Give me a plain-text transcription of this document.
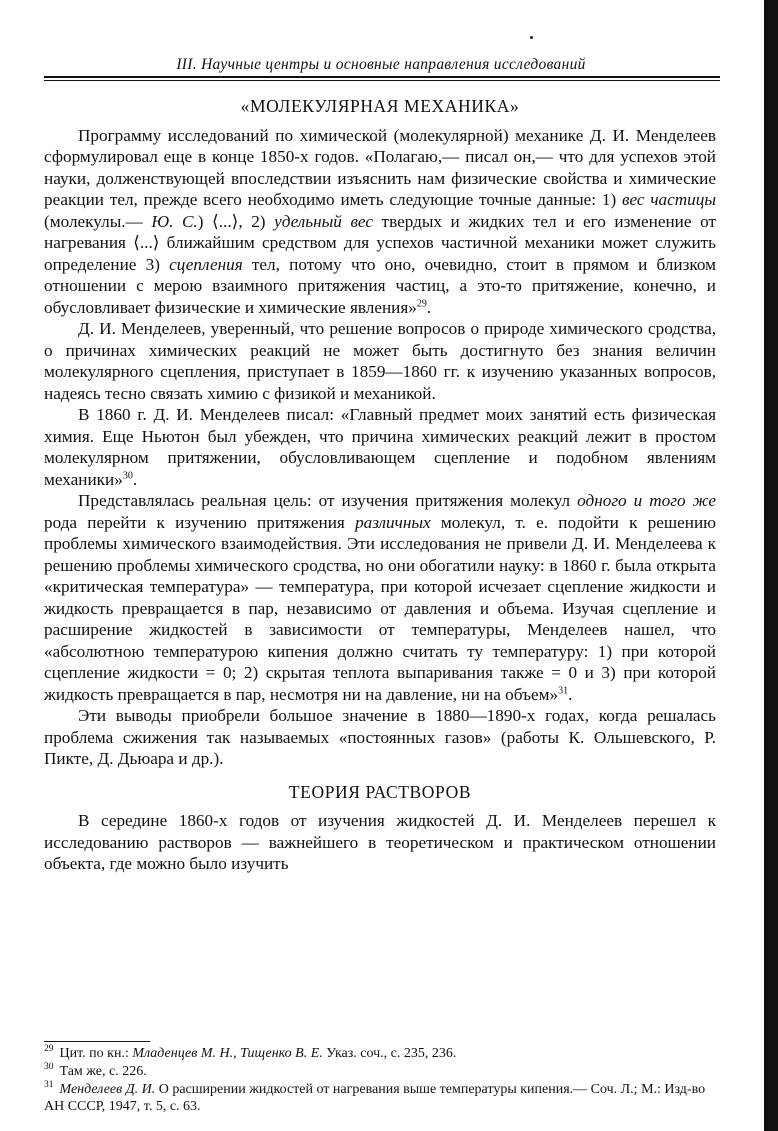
III. Научные центры и основные направления исследований
«МОЛЕКУЛЯРНАЯ МЕХАНИКА»

Программу исследований по химической (молекулярной) механике Д. И. Менделеев сформулировал еще в конце 1850-х годов. «Полагаю,— писал он,— что для успехов этой науки, долженствующей впоследствии изъяснить нам физические свойства и химические реакции тел, прежде всего необходимо иметь следующие точные данные: 1) вес частицы (молекулы.— Ю. С.) ⟨...⟩, 2) удельный вес твердых и жидких тел и его изменение от нагревания ⟨...⟩ ближайшим средством для успехов частичной механики может служить определение 3) сцепления тел, потому что оно, очевидно, стоит в прямом и близком отношении с мерою взаимного притяжения частиц, а это-то притяжение, конечно, и обусловливает физические и химические явления»$^{29}$.

Д. И. Менделеев, уверенный, что решение вопросов о природе химического сродства, о причинах химических реакций не может быть достигнуто без знания величин молекулярного сцепления, приступает в 1859—1860 гг. к изучению указанных вопросов, надеясь тесно связать химию с физикой и механикой.

В 1860 г. Д. И. Менделеев писал: «Главный предмет моих занятий есть физическая химия. Еще Ньютон был убежден, что причина химических реакций лежит в простом молекулярном притяжении, обусловливающем сцепление и подобном явлениям механики»$^{30}$.

Представлялась реальная цель: от изучения притяжения молекул одного и того же рода перейти к изучению притяжения различных молекул, т. е. подойти к решению проблемы химического взаимодействия. Эти исследования не привели Д. И. Менделеева к решению проблемы химического сродства, но они обогатили науку: в 1860 г. была открыта «критическая температура» — температура, при которой исчезает сцепление жидкости и жидкость превращается в пар, независимо от давления и объема. Изучая сцепление и расширение жидкостей в зависимости от температуры, Менделеев нашел, что «абсолютною температурою кипения должно считать ту температуру: 1) при которой сцепление жидкости = 0; 2) скрытая теплота выпаривания также = 0 и 3) при которой жидкость превращается в пар, несмотря ни на давление, ни на объем»$^{31}$.

Эти выводы приобрели большое значение в 1880—1890-х годах, когда решалась проблема сжижения так называемых «постоянных газов» (работы К. Ольшевского, Р. Пикте, Д. Дьюара и др.).

ТЕОРИЯ РАСТВОРОВ

В середине 1860-х годов от изучения жидкостей Д. И. Менделеев перешел к исследованию растворов — важнейшего в теоретическом и практическом отношении объекта, где можно было изучить

$^{29}$ Цит. по кн.: Младенцев М. Н., Тищенко В. Е. Указ. соч., с. 235, 236.
$^{30}$ Там же, с. 226.
$^{31}$ Менделеев Д. И. О расширении жидкостей от нагревания выше температуры кипения.— Соч. Л.; М.: Изд-во АН СССР, 1947, т. 5, с. 63.
